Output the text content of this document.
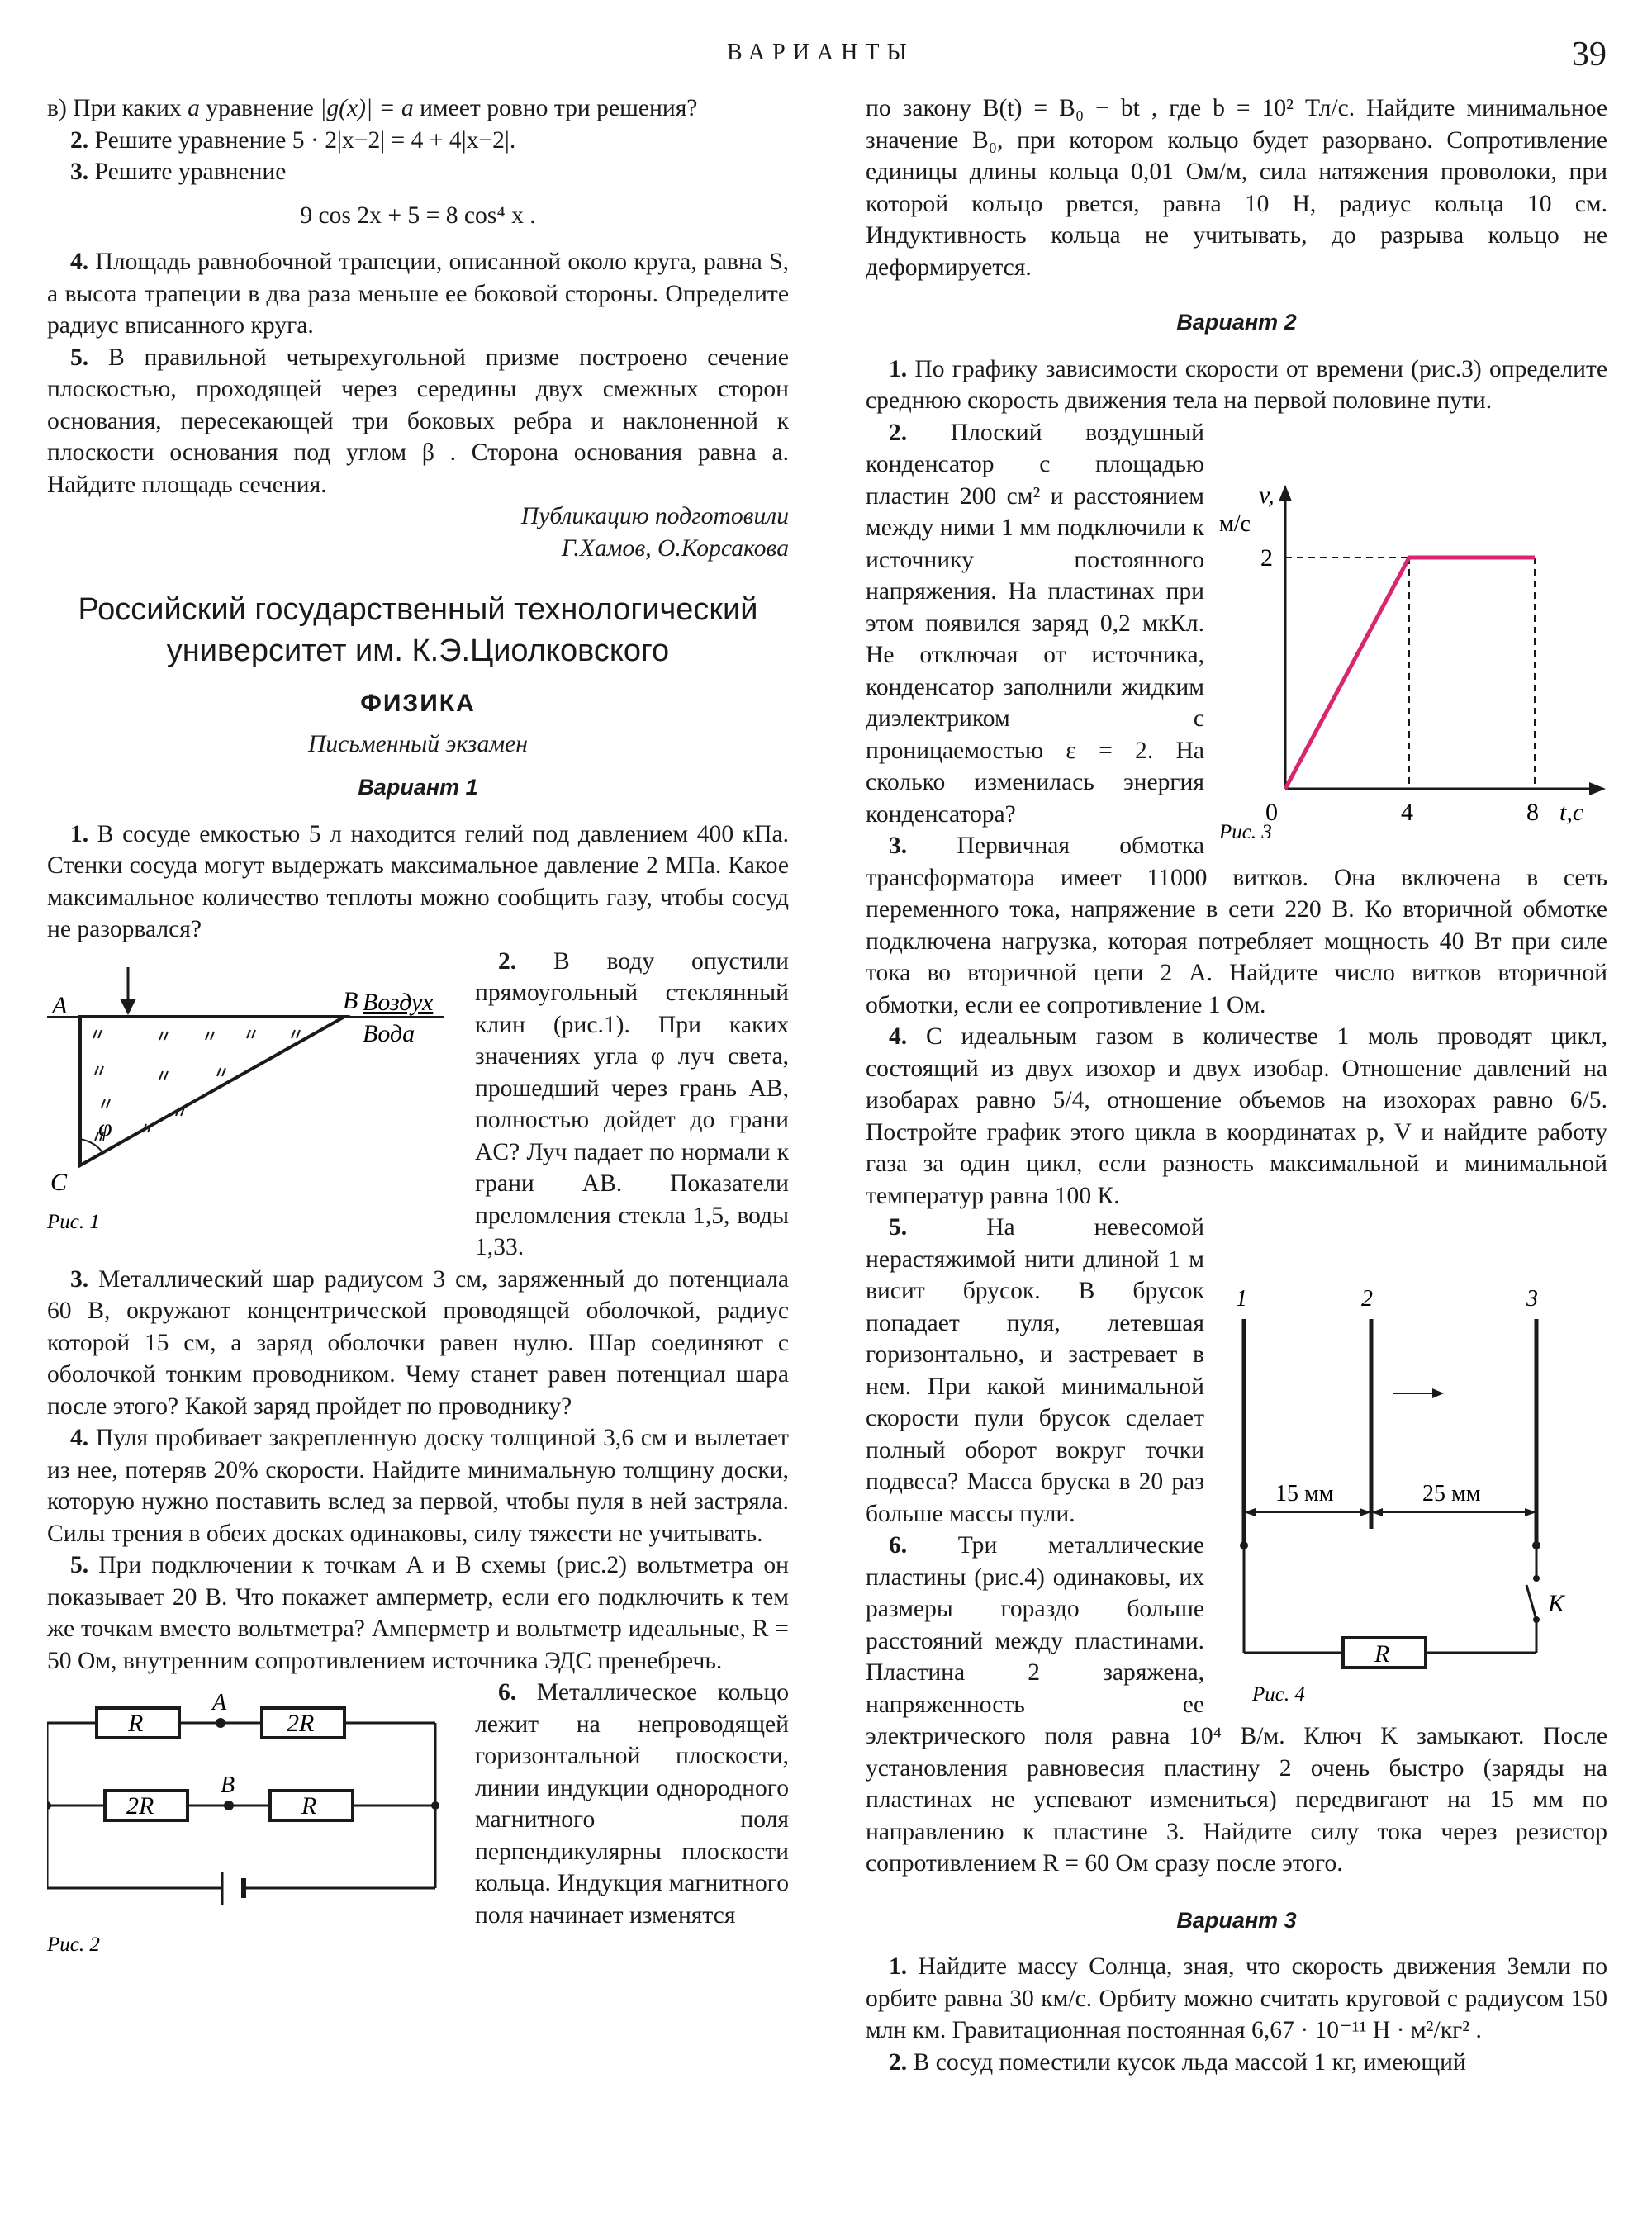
ВАРИАНТЫ	39

в) При каких a уравнение |g(x)| = a имеет ровно три решения?

2. Решите уравнение 5 · 2|x−2| = 4 + 4|x−2|.

3. Решите уравнение

9 cos 2x + 5 = 8 cos⁴ x .

4. Площадь равнобочной трапеции, описанной около круга, равна S, а высота трапеции в два раза меньше ее боковой стороны. Определите радиус вписанного круга.

5. В правильной четырехугольной призме построено сечение плоскостью, проходящей через середины двух смежных сторон основания, пересекающей три боковых ребра и наклоненной к плоскости основания под углом β . Сторона основания равна a. Найдите площадь сечения.

Публикацию подготовили

Г.Хамов, О.Корсакова

Российский государственный технологический университет им. К.Э.Циолковского
ФИЗИКА
Письменный экзамен
Вариант 1

1. В сосуде емкостью 5 л находится гелий под давлением 400 кПа. Стенки сосуда могут выдержать максимальное давление 2 МПа. Какое максимальное количество теплоты можно сообщить газу, чтобы сосуд не разорвался?

φ
A	B
C
Воздух
Вода
Рис. 1

2. В воду опустили прямоугольный стеклянный клин (рис.1). При каких значениях угла φ луч света, прошедший через грань AB, полностью дойдет до грани AC? Луч падает по нормали к грани AB. Показатели преломления стекла 1,5, воды 1,33.

3. Металлический шар радиусом 3 см, заряженный до потенциала 60 В, окружают концентрической проводящей оболочкой, радиус которой 15 см, а заряд оболочки равен нулю. Шар соединяют с оболочкой тонким проводником. Чему станет равен потенциал шара после этого? Какой заряд пройдет по проводнику?

4. Пуля пробивает закрепленную доску толщиной 3,6 см и вылетает из нее, потеряв 20% скорости. Найдите минимальную толщину доски, которую нужно поставить вслед за первой, чтобы пуля в ней застряла. Силы трения в обеих досках одинаковы, силу тяжести не учитывать.

5. При подключении к точкам A и B схемы (рис.2) вольтметра он показывает 20 В. Что покажет амперметр, если его подключить к тем же точкам вместо вольтметра? Амперметр и вольтметр идеальные, R = 50 Ом, внутренним сопротивлением источника ЭДС пренебречь.

R	2R
2R	R
A
B
Рис. 2

6. Металлическое кольцо лежит на непроводящей горизонтальной плоскости, линии индукции однородного магнитного поля перпендикулярны плоскости кольца. Индукция магнитного поля начинает изменятся

по закону B(t) = B₀ − bt , где b = 10² Тл/с. Найдите минимальное значение B₀, при котором кольцо будет разорвано. Сопротивление единицы длины кольца 0,01 Ом/м, сила натяжения проволоки, при которой кольцо рвется, равна 10 Н, радиус кольца 10 см. Индуктивность кольца не учитывать, до разрыва кольцо не деформируется.

Вариант 2

1. По графику зависимости скорости от времени (рис.3) определите среднюю скорость движения тела на первой половине пути.

v,
м/с
2
0	4	8 t,c
Рис. 3

2. Плоский воздушный конденсатор с площадью пластин 200 см² и расстоянием между ними 1 мм подключили к источнику постоянного напряжения. На пластинах при этом появился заряд 0,2 мкКл. Не отключая от источника, конденсатор заполнили жидким диэлектриком с проницаемостью ε = 2. На сколько изменилась энергия конденсатора?

3. Первичная обмотка трансформатора имеет 11000 витков. Она включена в сеть переменного тока, напряжение в сети 220 В. Ко вторичной обмотке подключена нагрузка, которая потребляет мощность 40 Вт при силе тока во вторичной цепи 2 А. Найдите число витков вторичной обмотки, если ее сопротивление 1 Ом.

4. С идеальным газом в количестве 1 моль проводят цикл, состоящий из двух изохор и двух изобар. Отношение давлений на изобарах равно 5/4, отношение объемов на изохорах равно 6/5. Постройте график этого цикла в координатах p, V и найдите работу газа за один цикл, если разность максимальной и минимальной температур равна 100 К.

1	2	3
15 мм	25 мм
K
R
Рис. 4

5. На невесомой нерастяжимой нити длиной 1 м висит брусок. В брусок попадает пуля, летевшая горизонтально, и застревает в нем. При какой минимальной скорости пули брусок сделает полный оборот вокруг точки подвеса? Масса бруска в 20 раз больше массы пули.

6. Три металлические пластины (рис.4) одинаковы, их размеры гораздо больше расстояний между пластинами. Пластина 2 заряжена, напряженность ее электрического поля равна 10⁴ В/м. Ключ K замыкают. После установления равновесия пластину 2 очень быстро (заряды на пластинах не успевают измениться) передвигают на 15 мм по направлению к пластине 3. Найдите силу тока через резистор сопротивлением R = 60 Ом сразу после этого.

Вариант 3

1. Найдите массу Солнца, зная, что скорость движения Земли по орбите равна 30 км/с. Орбиту можно считать круговой с радиусом 150 млн км. Гравитационная постоянная 6,67 · 10⁻¹¹ Н · м²/кг² .

2. В сосуд поместили кусок льда массой 1 кг, имеющий
